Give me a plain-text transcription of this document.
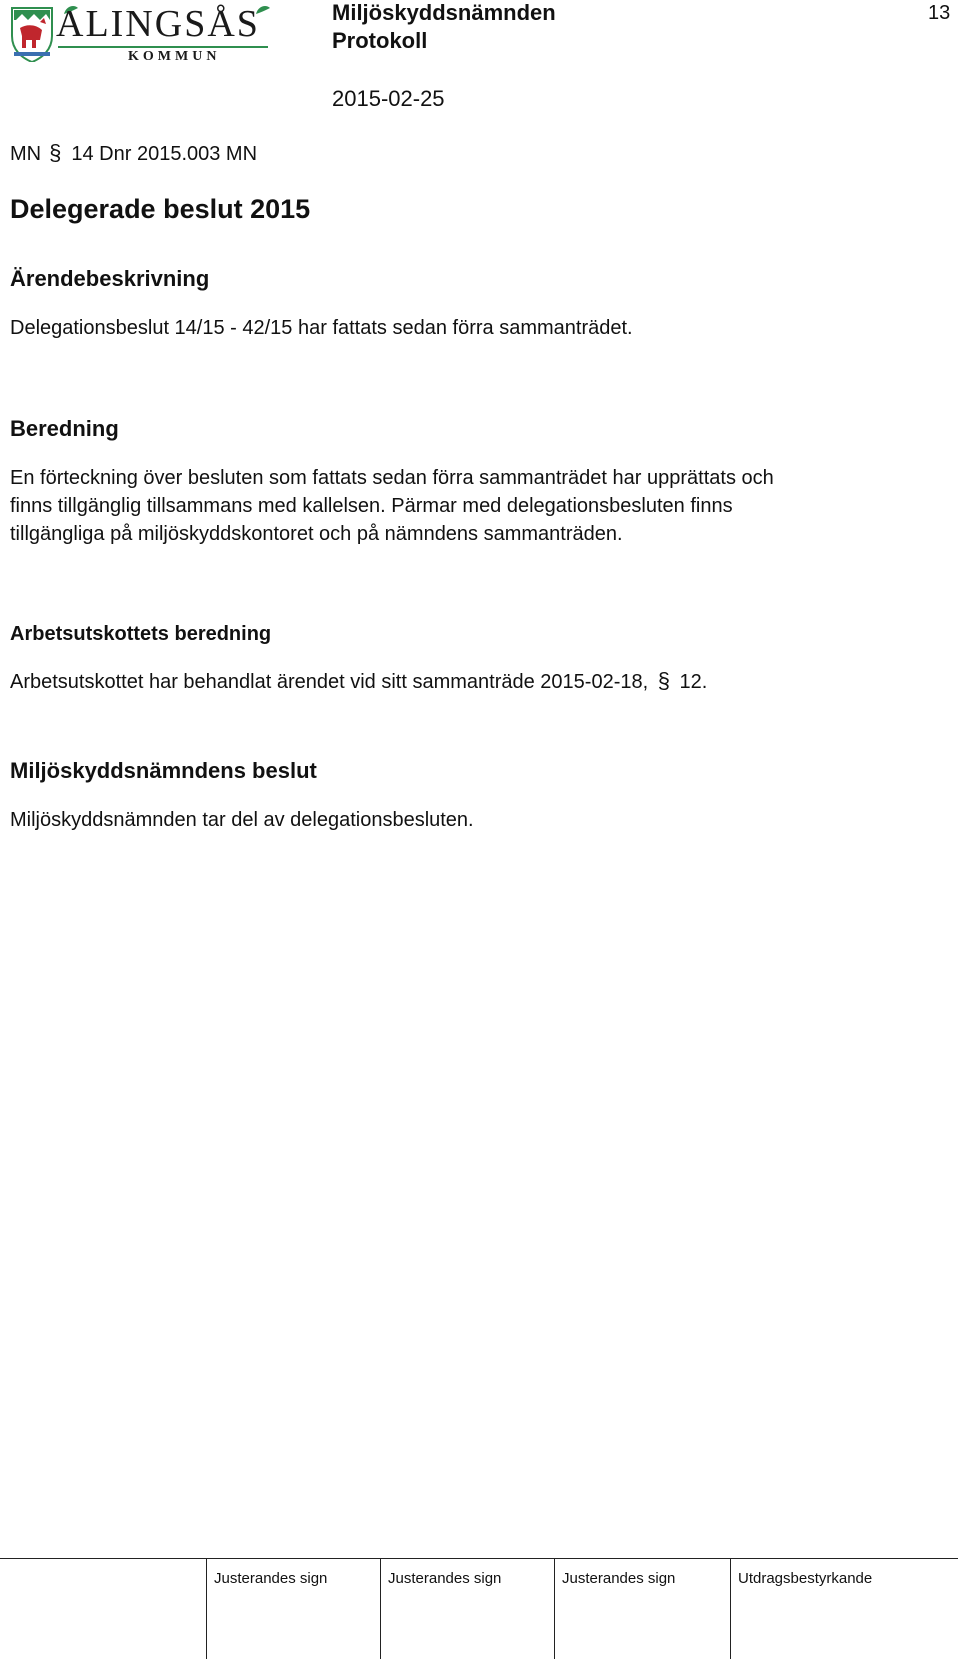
ALINGSÅS
KOMMUN
Miljöskyddsnämnden
Protokoll
2015-02-25
13
MN § 14 Dnr 2015.003 MN
Delegerade beslut 2015
Ärendebeskrivning
Delegationsbeslut 14/15 - 42/15 har fattats sedan förra sammanträdet.
Beredning
En förteckning över besluten som fattats sedan förra sammanträdet har upprättats och
finns tillgänglig tillsammans med kallelsen. Pärmar med delegationsbesluten finns
tillgängliga på miljöskyddskontoret och på nämndens sammanträden.
Arbetsutskottets beredning
Arbetsutskottet har behandlat ärendet vid sitt sammanträde 2015-02-18, § 12.
Miljöskyddsnämndens beslut
Miljöskyddsnämnden tar del av delegationsbesluten.
Justerandes sign	Justerandes sign	Justerandes sign	Utdragsbestyrkande
